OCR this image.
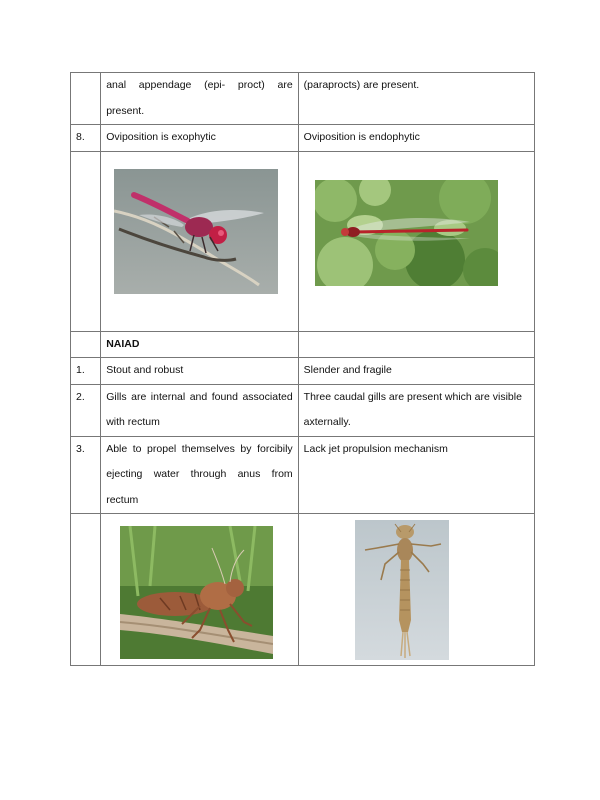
	anal appendage (epi- proct) are present.	(paraprocts) are present.
8.	Oviposition is exophytic	Oviposition is endophytic

	NAIAD	
1.	Stout and robust	Slender and fragile
2.	Gills are internal and found associated with rectum	Three caudal gills are present which are visible axternally.
3.	Able to propel themselves by forcibily ejecting water through anus from rectum	Lack jet propulsion mechanism
